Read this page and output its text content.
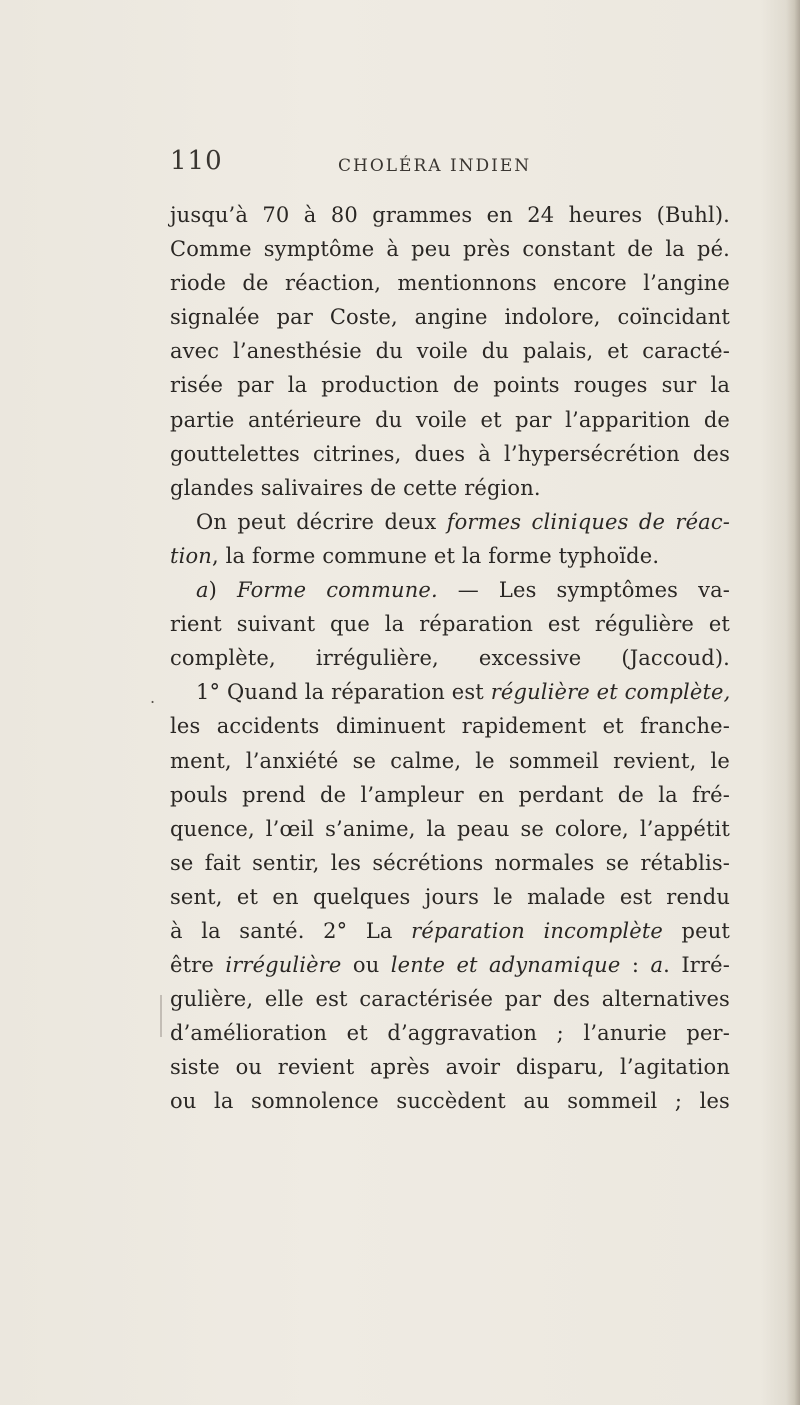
110	CHOLÉRA INDIEN
.
jusqu’à 70 à 80 grammes en 24 heures (Buhl).
Comme symptôme à peu près constant de la pé.
riode de réaction, mentionnons encore l’angine
signalée par Coste, angine indolore, coïncidant
avec l’anesthésie du voile du palais, et caracté-
risée par la production de points rouges sur la
partie antérieure du voile et par l’apparition de
gouttelettes citrines, dues à l’hypersécrétion des
glandes salivaires de cette région.
On peut décrire deux formes cliniques de réac-
tion, la forme commune et la forme typhoïde.
a) Forme commune. — Les symptômes va-
rient suivant que la réparation est régulière et
complète, irrégulière, excessive (Jaccoud).
1° Quand la réparation est régulière et complète,
les accidents diminuent rapidement et franche-
ment, l’anxiété se calme, le sommeil revient, le
pouls prend de l’ampleur en perdant de la fré-
quence, l’œil s’anime, la peau se colore, l’appétit
se fait sentir, les sécrétions normales se rétablis-
sent, et en quelques jours le malade est rendu
à la santé. 2° La réparation incomplète peut
être irrégulière ou lente et adynamique : a. Irré-
gulière, elle est caractérisée par des alternatives
d’amélioration et d’aggravation ; l’anurie per-
siste ou revient après avoir disparu, l’agitation
ou la somnolence succèdent au sommeil ; les
